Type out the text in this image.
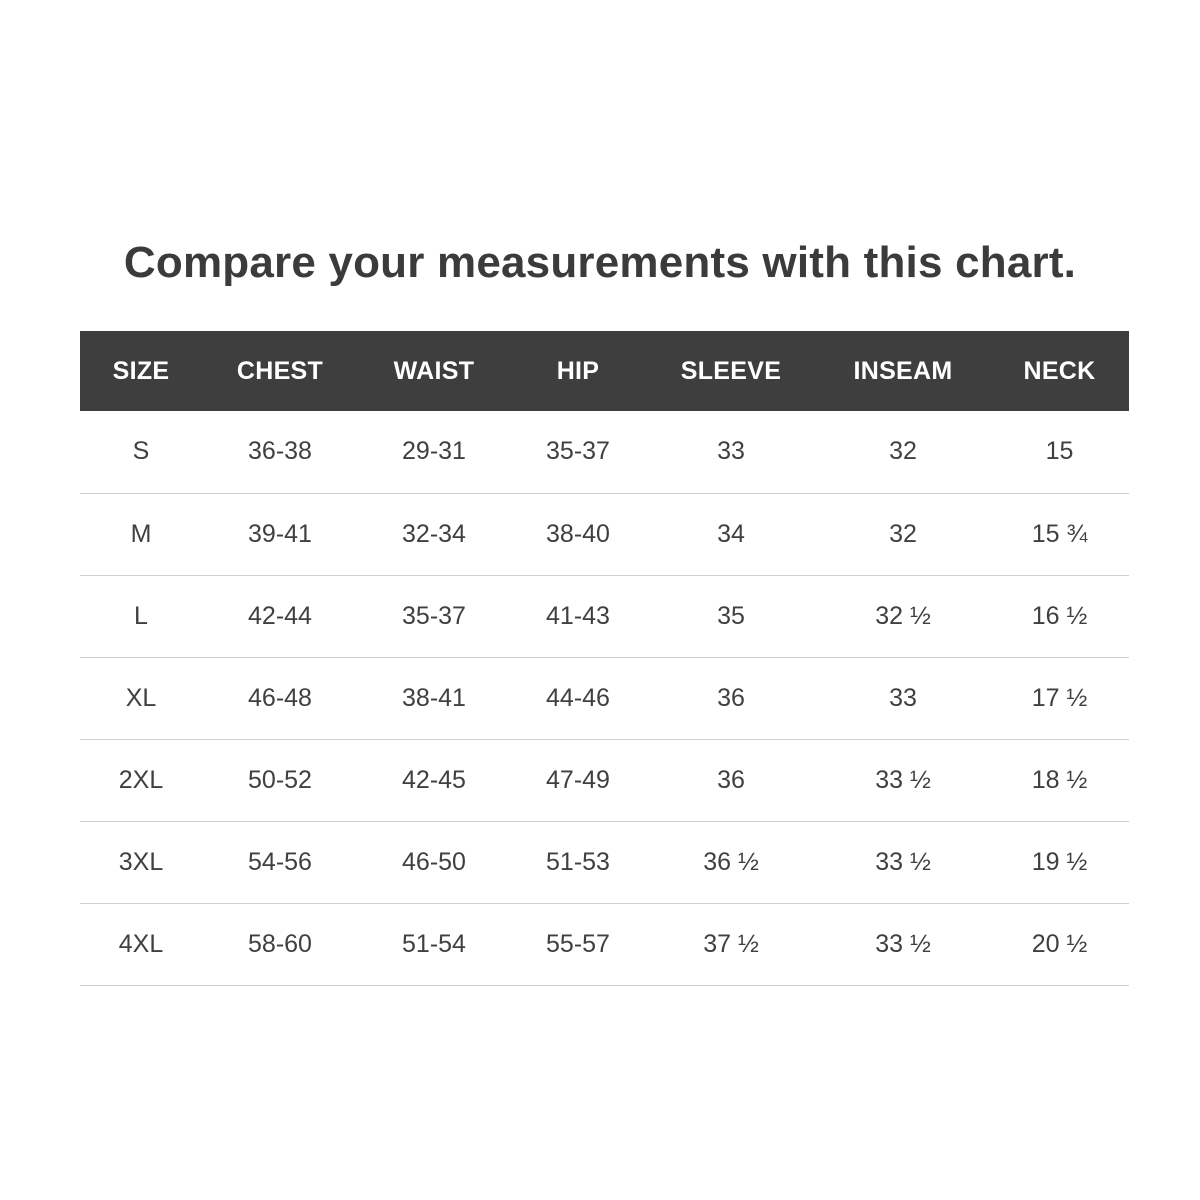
Compare your measurements with this chart.
SIZE	CHEST	WAIST	HIP	SLEEVE	INSEAM	NECK
S	36-38	29-31	35-37	33	32	15
M	39-41	32-34	38-40	34	32	15 ¾
L	42-44	35-37	41-43	35	32 ½	16 ½
XL	46-48	38-41	44-46	36	33	17 ½
2XL	50-52	42-45	47-49	36	33 ½	18 ½
3XL	54-56	46-50	51-53	36 ½	33 ½	19 ½
4XL	58-60	51-54	55-57	37 ½	33 ½	20 ½
